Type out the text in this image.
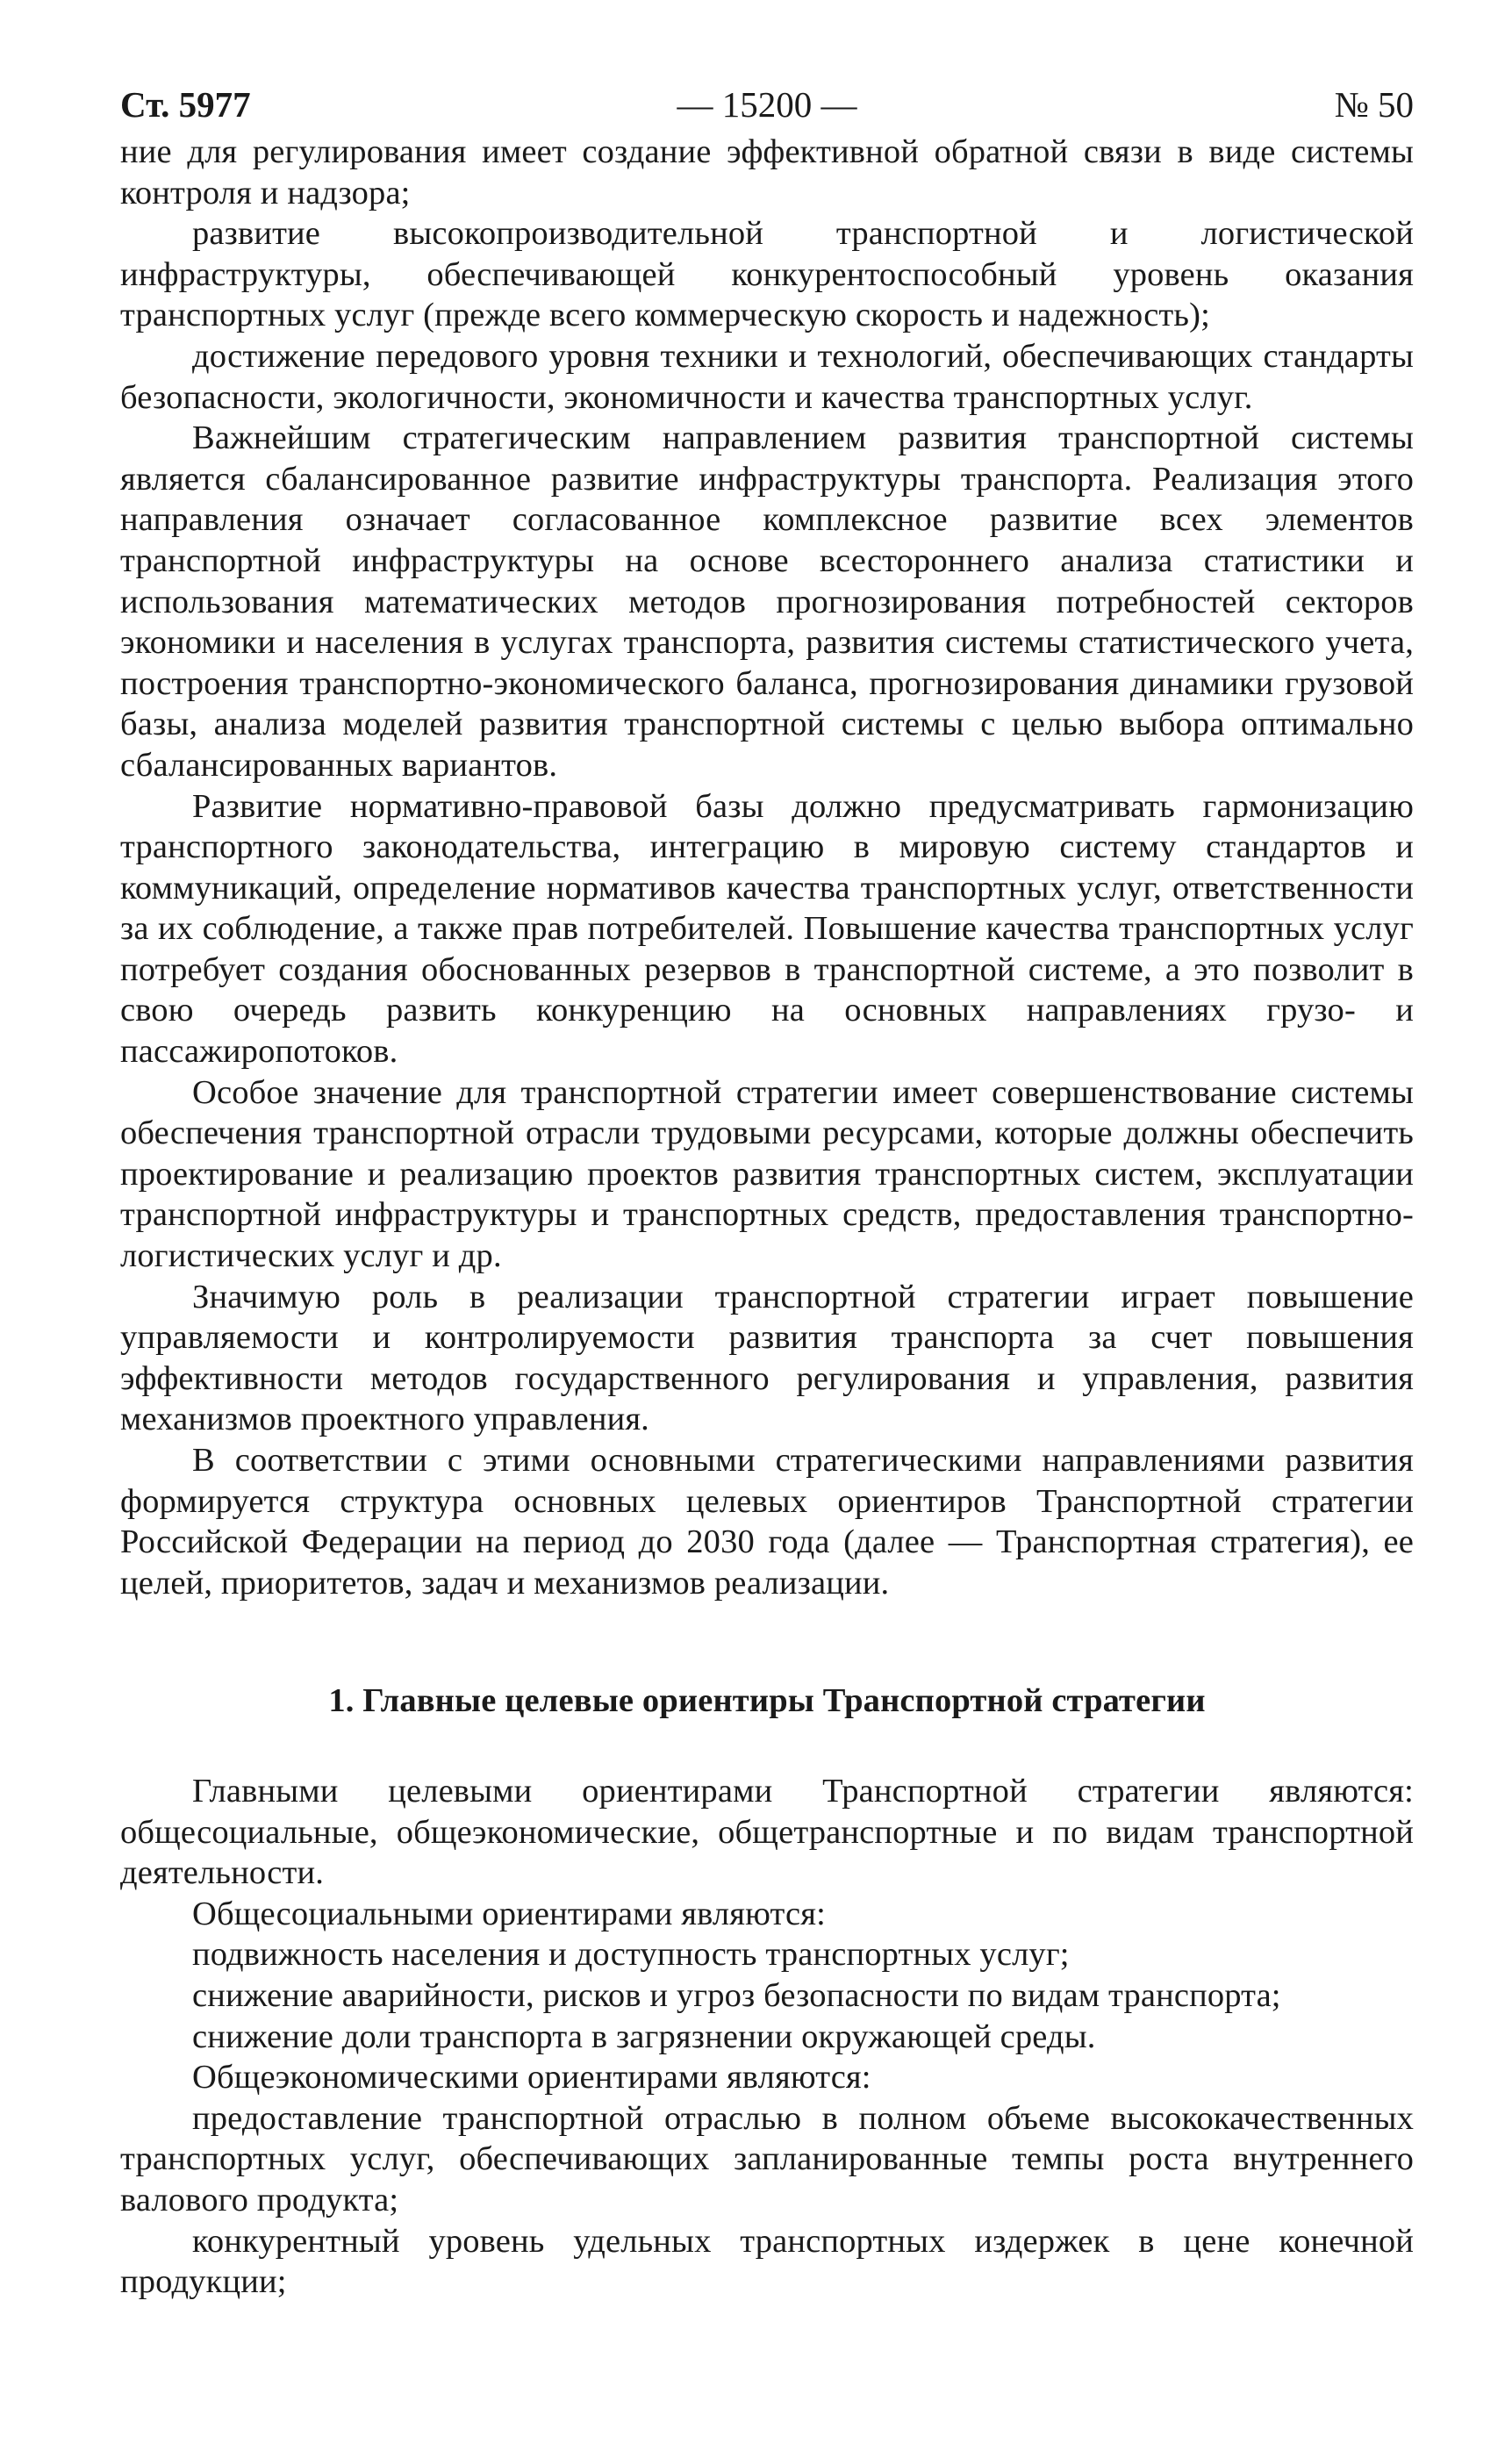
Ст. 5977	— 15200 —	№ 50

ние для регулирования имеет создание эффективной обратной связи в виде системы контроля и надзора;

развитие высокопроизводительной транспортной и логистической инфраструктуры, обеспечивающей конкурентоспособный уровень оказания транспортных услуг (прежде всего коммерческую скорость и надежность);

достижение передового уровня техники и технологий, обеспечивающих стандарты безопасности, экологичности, экономичности и качества транспортных услуг.

Важнейшим стратегическим направлением развития транспортной системы является сбалансированное развитие инфраструктуры транспорта. Реализация этого направления означает согласованное комплексное развитие всех элементов транспортной инфраструктуры на основе всестороннего анализа статистики и использования математических методов прогнозирования потребностей секторов экономики и населения в услугах транспорта, развития системы статистического учета, построения транспортно-экономического баланса, прогнозирования динамики грузовой базы, анализа моделей развития транспортной системы с целью выбора оптимально сбалансированных вариантов.

Развитие нормативно-правовой базы должно предусматривать гармонизацию транспортного законодательства, интеграцию в мировую систему стандартов и коммуникаций, определение нормативов качества транспортных услуг, ответственности за их соблюдение, а также прав потребителей. Повышение качества транспортных услуг потребует создания обоснованных резервов в транспортной системе, а это позволит в свою очередь развить конкуренцию на основных направлениях грузо- и пассажиропотоков.

Особое значение для транспортной стратегии имеет совершенствование системы обеспечения транспортной отрасли трудовыми ресурсами, которые должны обеспечить проектирование и реализацию проектов развития транспортных систем, эксплуатации транспортной инфраструктуры и транспортных средств, предоставления транспортно-логистических услуг и др.

Значимую роль в реализации транспортной стратегии играет повышение управляемости и контролируемости развития транспорта за счет повышения эффективности методов государственного регулирования и управления, развития механизмов проектного управления.

В соответствии с этими основными стратегическими направлениями развития формируется структура основных целевых ориентиров Транспортной стратегии Российской Федерации на период до 2030 года (далее — Транспортная стратегия), ее целей, приоритетов, задач и механизмов реализации.

1. Главные целевые ориентиры Транспортной стратегии

Главными целевыми ориентирами Транспортной стратегии являются: общесоциальные, общеэкономические, общетранспортные и по видам транспортной деятельности.

Общесоциальными ориентирами являются:

подвижность населения и доступность транспортных услуг;

снижение аварийности, рисков и угроз безопасности по видам транспорта;

снижение доли транспорта в загрязнении окружающей среды.

Общеэкономическими ориентирами являются:

предоставление транспортной отраслью в полном объеме высококачественных транспортных услуг, обеспечивающих запланированные темпы роста внутреннего валового продукта;

конкурентный уровень удельных транспортных издержек в цене конечной продукции;
